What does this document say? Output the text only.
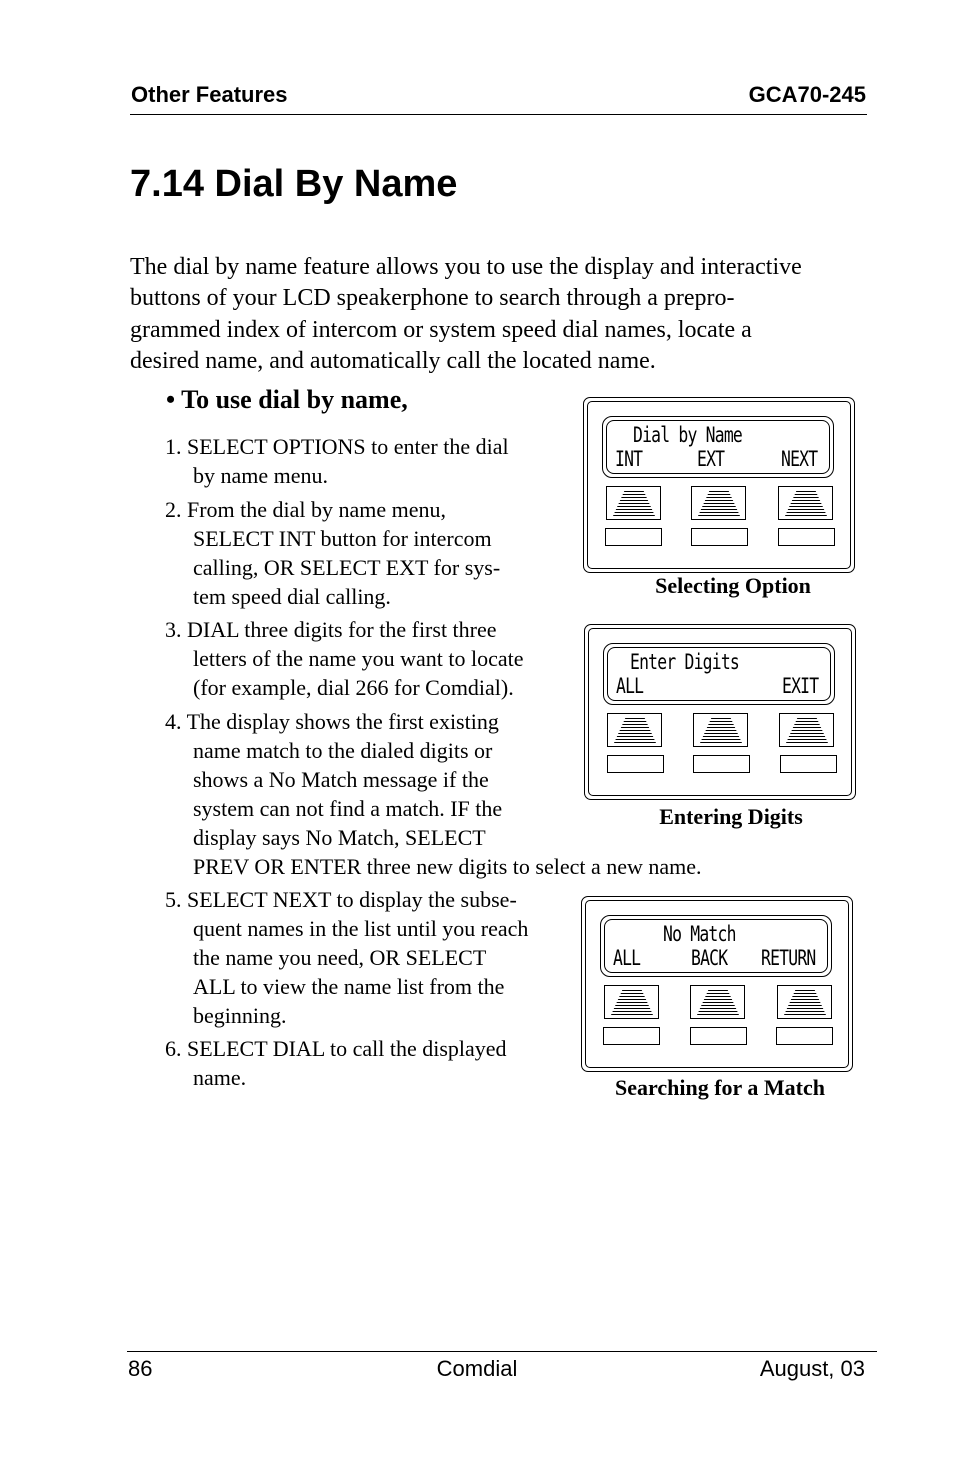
Other Features	GCA70-245
7.14 Dial By Name
The dial by name feature allows you to use the display and interactive
buttons of your LCD speakerphone to search through a prepro-
grammed index of intercom or system speed dial names, locate a
desired name, and automatically call the located name.
• To use dial by name,
1. SELECT OPTIONS to enter the dial
by name menu.
2. From the dial by name menu,
SELECT INT button for intercom
calling, OR SELECT EXT for sys-
tem speed dial calling.
3. DIAL three digits for the first three
letters of the name you want to locate
(for example, dial 266 for Comdial).
4. The display shows the first existing
name match to the dialed digits or
shows a No Match message if the
system can not find a match. IF the
display says No Match, SELECT
PREV OR ENTER three new digits to select a new name.
5. SELECT NEXT to display the subse-
quent names in the list until you reach
the name you need, OR SELECT
ALL to view the name list from the
beginning.
6. SELECT DIAL to call the displayed
name.
Dial by Name
INT	EXT	NEXT
Selecting Option
Enter Digits
ALL	EXIT
Entering Digits
No Match
ALL BACK RETURN
Searching for a Match
86	Comdial	August, 03
